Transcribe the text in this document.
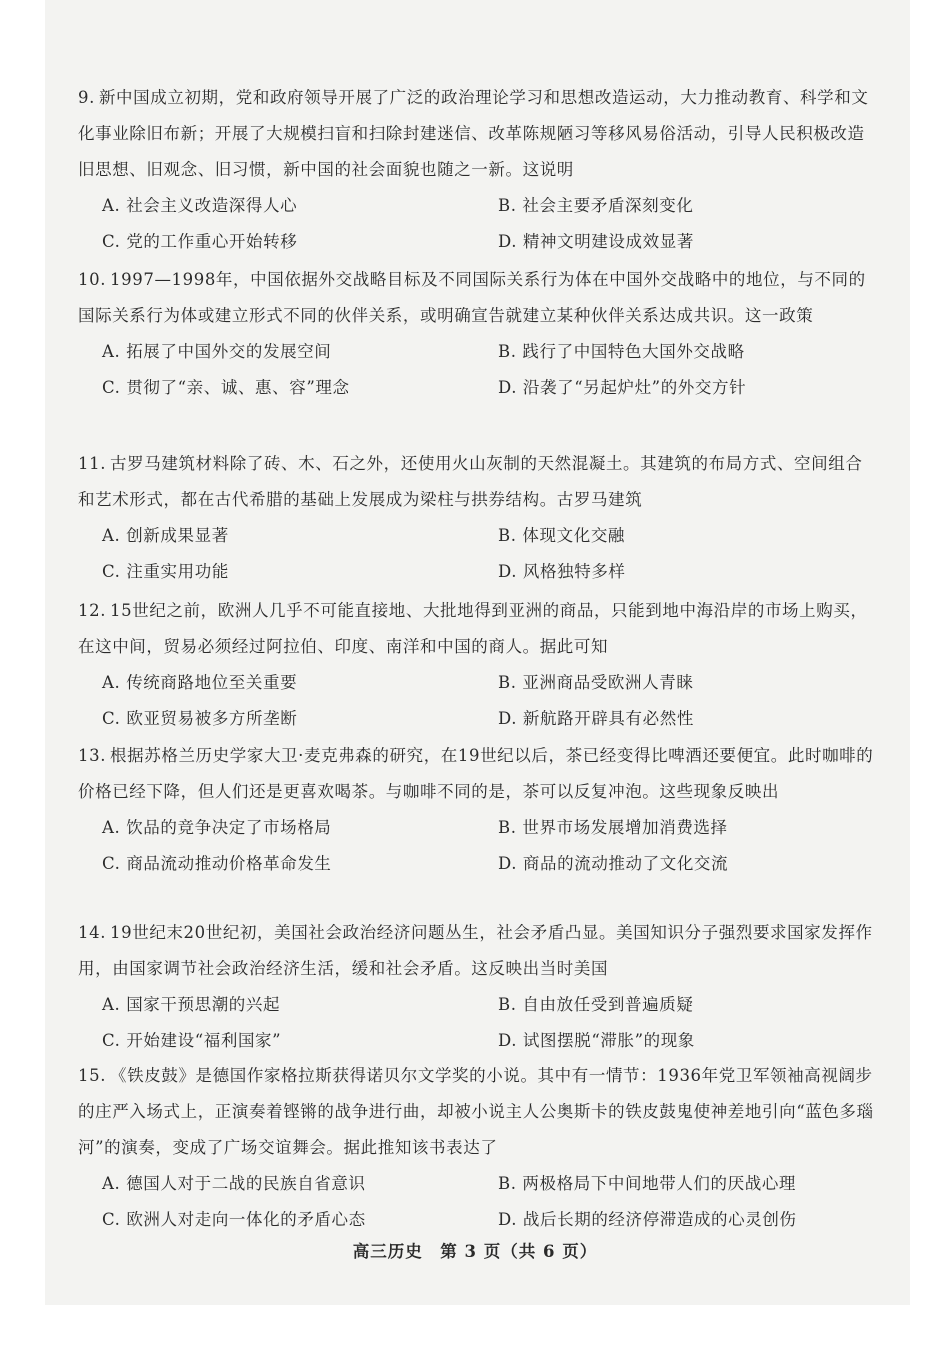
9. 新中国成立初期，党和政府领导开展了广泛的政治理论学习和思想改造运动，大力推动教育、科学和文化事业除旧布新；开展了大规模扫盲和扫除封建迷信、改革陈规陋习等移风易俗活动，引导人民积极改造旧思想、旧观念、旧习惯，新中国的社会面貌也随之一新。这说明

A. 社会主义改造深得人心	B. 社会主要矛盾深刻变化
C. 党的工作重心开始转移	D. 精神文明建设成效显著

10. 1997—1998年，中国依据外交战略目标及不同国际关系行为体在中国外交战略中的地位，与不同的国际关系行为体或建立形式不同的伙伴关系，或明确宣告就建立某种伙伴关系达成共识。这一政策

A. 拓展了中国外交的发展空间	B. 践行了中国特色大国外交战略
C. 贯彻了“亲、诚、惠、容”理念	D. 沿袭了“另起炉灶”的外交方针

11. 古罗马建筑材料除了砖、木、石之外，还使用火山灰制的天然混凝土。其建筑的布局方式、空间组合和艺术形式，都在古代希腊的基础上发展成为梁柱与拱券结构。古罗马建筑

A. 创新成果显著	B. 体现文化交融
C. 注重实用功能	D. 风格独特多样

12. 15世纪之前，欧洲人几乎不可能直接地、大批地得到亚洲的商品，只能到地中海沿岸的市场上购买，在这中间，贸易必须经过阿拉伯、印度、南洋和中国的商人。据此可知

A. 传统商路地位至关重要	B. 亚洲商品受欧洲人青睐
C. 欧亚贸易被多方所垄断	D. 新航路开辟具有必然性

13. 根据苏格兰历史学家大卫·麦克弗森的研究，在19世纪以后，茶已经变得比啤酒还要便宜。此时咖啡的价格已经下降，但人们还是更喜欢喝茶。与咖啡不同的是，茶可以反复冲泡。这些现象反映出

A. 饮品的竞争决定了市场格局	B. 世界市场发展增加消费选择
C. 商品流动推动价格革命发生	D. 商品的流动推动了文化交流

14. 19世纪末20世纪初，美国社会政治经济问题丛生，社会矛盾凸显。美国知识分子强烈要求国家发挥作用，由国家调节社会政治经济生活，缓和社会矛盾。这反映出当时美国

A. 国家干预思潮的兴起	B. 自由放任受到普遍质疑
C. 开始建设“福利国家”	D. 试图摆脱“滞胀”的现象

15. 《铁皮鼓》是德国作家格拉斯获得诺贝尔文学奖的小说。其中有一情节：1936年党卫军领袖高视阔步的庄严入场式上，正演奏着铿锵的战争进行曲，却被小说主人公奥斯卡的铁皮鼓鬼使神差地引向“蓝色多瑙河”的演奏，变成了广场交谊舞会。据此推知该书表达了

A. 德国人对于二战的民族自省意识	B. 两极格局下中间地带人们的厌战心理
C. 欧洲人对走向一体化的矛盾心态	D. 战后长期的经济停滞造成的心灵创伤
高三历史　第 3 页（共 6 页）
